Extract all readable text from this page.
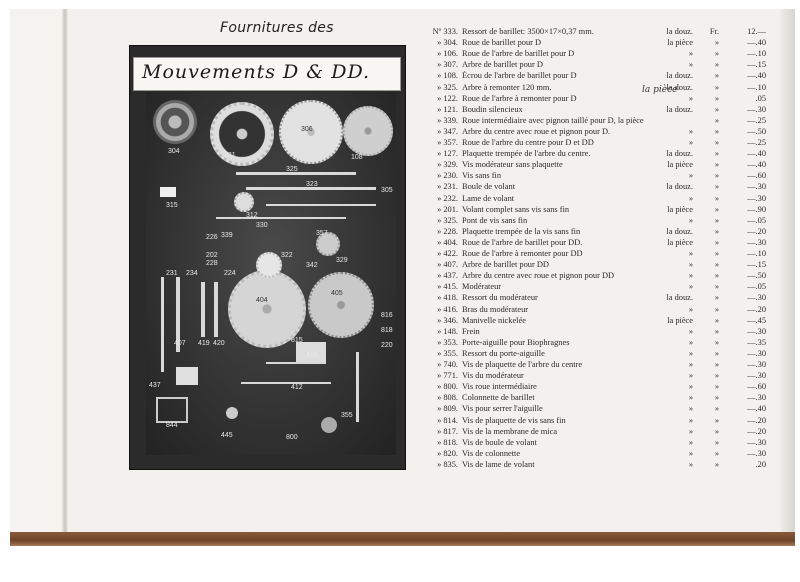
Fournitures des
Mouvements D & DD.
304
321
306
108
325
323
312
315
339
322
226
330
357
342
329
305
231 234
228
224
416
202
404
405
407 419 420	815
437	412
816
818
220
844
445	800
355
la pièce
Nº 333. Ressort de barillet: 3500×17×0,37 mm.	la douz.	Fr.	12.—
» 304. Roue de barillet pour D	la pièce	»	—.40
» 106. Roue de l'arbre de barillet pour D	»	»	—.10
» 307. Arbre de barillet pour D	»	»	—.15
» 108. Écrou de l'arbre de barillet pour D	la douz.	»	—.40
» 325. Arbre à remonter 120 mm.	la douz.	»	—.10
» 122. Roue de l'arbre à remonter pour D	»	»	.05
» 121. Boudin silencieux	la douz.	»	—.30
» 339. Roue intermédiaire avec pignon taillé pour D, la pièce	»	—.25
» 347. Arbre du centre avec roue et pignon pour D.	»	»	—.50
» 357. Roue de l'arbre du centre pour D et DD	»	»	—.25
» 127. Plaquette trempée de l'arbre du centre.	la douz.	»	—.40
» 329. Vis modérateur sans plaquette	la pièce	»	—.40
» 230. Vis sans fin	»	»	—.60
» 231. Boule de volant	la douz.	»	—.30
» 232. Lame de volant	»	»	—.30
» 201. Volant complet sans vis sans fin	la pièce	»	—.90
» 325. Pont de vis sans fin	»	»	—.05
» 228. Plaquette trempée de la vis sans fin	la douz.	»	—.20
» 404. Roue de l'arbre de barillet pour DD.	la pièce	»	—.30
» 422. Roue de l'arbre à remonter pour DD	»	»	—.10
» 407. Arbre de barillet pour DD	»	»	—.15
» 437. Arbre du centre avec roue et pignon pour DD	»	»	—.50
» 415. Modérateur	»	»	—.05
» 418. Ressort du modérateur	la douz.	»	—.30
» 416. Bras du modérateur	»	»	—.20
» 346. Manivelle nickelée	la pièce	»	—.45
» 148. Frein	»	»	—.30
» 353. Porte-aiguille pour Biophragnes	»	»	—.35
» 355. Ressort du porte-aiguille	»	»	—.30
» 740. Vis de plaquette de l'arbre du centre	»	»	—.30
» 771. Vis du modérateur	»	»	—.30
» 800. Vis roue intermédiaire	»	»	—.60
» 808. Colonnette de barillet	»	»	—.30
» 809. Vis pour serrer l'aiguille	»	»	—.40
» 814. Vis de plaquette de vis sans fin	»	»	—.20
» 817. Vis de la membrane de mica	»	»	—.20
» 818. Vis de boule de volant	»	»	—.30
» 820. Vis de colonnette	»	»	—.30
» 835. Vis de lame de volant	»	»	.20
